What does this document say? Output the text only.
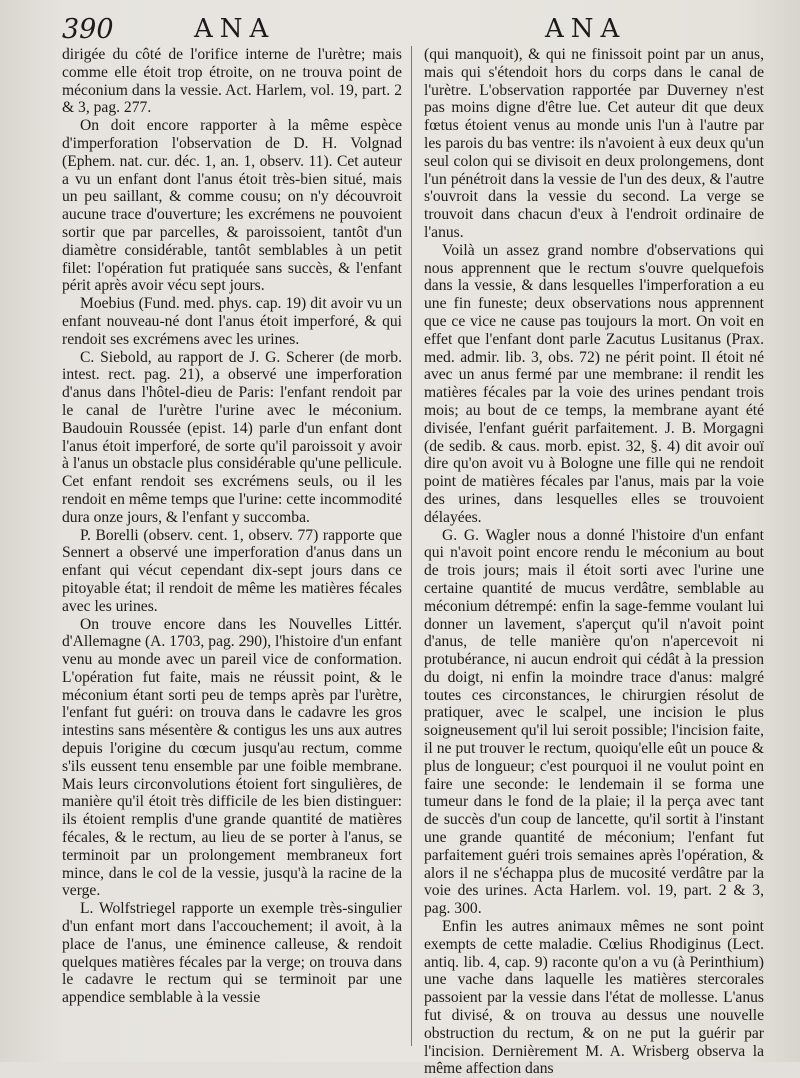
390	ANA	ANA

dirigée du côté de l'orifice interne de l'urètre; mais comme elle étoit trop étroite, on ne trouva point de méconium dans la vessie. Act. Harlem, vol. 19, part. 2 & 3, pag. 277.

On doit encore rapporter à la même espèce d'imperforation l'observation de D. H. Volgnad (Ephem. nat. cur. déc. 1, an. 1, observ. 11). Cet auteur a vu un enfant dont l'anus étoit très-bien situé, mais un peu saillant, & comme cousu; on n'y découvroit aucune trace d'ouverture; les excrémens ne pouvoient sortir que par parcelles, & paroissoient, tantôt d'un diamètre considérable, tantôt semblables à un petit filet: l'opération fut pratiquée sans succès, & l'enfant périt après avoir vécu sept jours.

Moebius (Fund. med. phys. cap. 19) dit avoir vu un enfant nouveau-né dont l'anus étoit imperforé, & qui rendoit ses excrémens avec les urines.

C. Siebold, au rapport de J. G. Scherer (de morb. intest. rect. pag. 21), a observé une imperforation d'anus dans l'hôtel-dieu de Paris: l'enfant rendoit par le canal de l'urètre l'urine avec le méconium. Baudouin Roussée (epist. 14) parle d'un enfant dont l'anus étoit imperforé, de sorte qu'il paroissoit y avoir à l'anus un obstacle plus considérable qu'une pellicule. Cet enfant rendoit ses excrémens seuls, ou il les rendoit en même temps que l'urine: cette incommodité dura onze jours, & l'enfant y succomba.

P. Borelli (observ. cent. 1, observ. 77) rapporte que Sennert a observé une imperforation d'anus dans un enfant qui vécut cependant dix-sept jours dans ce pitoyable état; il rendoit de même les matières fécales avec les urines.

On trouve encore dans les Nouvelles Littér. d'Allemagne (A. 1703, pag. 290), l'histoire d'un enfant venu au monde avec un pareil vice de conformation. L'opération fut faite, mais ne réussit point, & le méconium étant sorti peu de temps après par l'urètre, l'enfant fut guéri: on trouva dans le cadavre les gros intestins sans mésentère & contigus les uns aux autres depuis l'origine du cœcum jusqu'au rectum, comme s'ils eussent tenu ensemble par une foible membrane. Mais leurs circonvolutions étoient fort singulières, de manière qu'il étoit très difficile de les bien distinguer: ils étoient remplis d'une grande quantité de matières fécales, & le rectum, au lieu de se porter à l'anus, se terminoit par un prolongement membraneux fort mince, dans le col de la vessie, jusqu'à la racine de la verge.

L. Wolfstriegel rapporte un exemple très-singulier d'un enfant mort dans l'accouchement; il avoit, à la place de l'anus, une éminence calleuse, & rendoit quelques matières fécales par la verge; on trouva dans le cadavre le rectum qui se terminoit par une appendice semblable à la vessie

(qui manquoit), & qui ne finissoit point par un anus, mais qui s'étendoit hors du corps dans le canal de l'urètre. L'observation rapportée par Duverney n'est pas moins digne d'être lue. Cet auteur dit que deux fœtus étoient venus au monde unis l'un à l'autre par les parois du bas ventre: ils n'avoient à eux deux qu'un seul colon qui se divisoit en deux prolongemens, dont l'un pénétroit dans la vessie de l'un des deux, & l'autre s'ouvroit dans la vessie du second. La verge se trouvoit dans chacun d'eux à l'endroit ordinaire de l'anus.

Voilà un assez grand nombre d'observations qui nous apprennent que le rectum s'ouvre quelquefois dans la vessie, & dans lesquelles l'imperforation a eu une fin funeste; deux observations nous apprennent que ce vice ne cause pas toujours la mort. On voit en effet que l'enfant dont parle Zacutus Lusitanus (Prax. med. admir. lib. 3, obs. 72) ne périt point. Il étoit né avec un anus fermé par une membrane: il rendit les matières fécales par la voie des urines pendant trois mois; au bout de ce temps, la membrane ayant été divisée, l'enfant guérit parfaitement. J. B. Morgagni (de sedib. & caus. morb. epist. 32, §. 4) dit avoir ouï dire qu'on avoit vu à Bologne une fille qui ne rendoit point de matières fécales par l'anus, mais par la voie des urines, dans lesquelles elles se trouvoient délayées.

G. G. Wagler nous a donné l'histoire d'un enfant qui n'avoit point encore rendu le méconium au bout de trois jours; mais il étoit sorti avec l'urine une certaine quantité de mucus verdâtre, semblable au méconium détrempé: enfin la sage-femme voulant lui donner un lavement, s'aperçut qu'il n'avoit point d'anus, de telle manière qu'on n'apercevoit ni protubérance, ni aucun endroit qui cédât à la pression du doigt, ni enfin la moindre trace d'anus: malgré toutes ces circonstances, le chirurgien résolut de pratiquer, avec le scalpel, une incision le plus soigneusement qu'il lui seroit possible; l'incision faite, il ne put trouver le rectum, quoiqu'elle eût un pouce & plus de longueur; c'est pourquoi il ne voulut point en faire une seconde: le lendemain il se forma une tumeur dans le fond de la plaie; il la perça avec tant de succès d'un coup de lancette, qu'il sortit à l'instant une grande quantité de méconium; l'enfant fut parfaitement guéri trois semaines après l'opération, & alors il ne s'échappa plus de mucosité verdâtre par la voie des urines. Acta Harlem. vol. 19, part. 2 & 3, pag. 300.

Enfin les autres animaux mêmes ne sont point exempts de cette maladie. Cœlius Rhodiginus (Lect. antiq. lib. 4, cap. 9) raconte qu'on a vu (à Perinthium) une vache dans laquelle les matières stercorales passoient par la vessie dans l'état de mollesse. L'anus fut divisé, & on trouva au dessus une nouvelle obstruction du rectum, & on ne put la guérir par l'incision. Dernièrement M. A. Wrisberg observa la même affection dans
